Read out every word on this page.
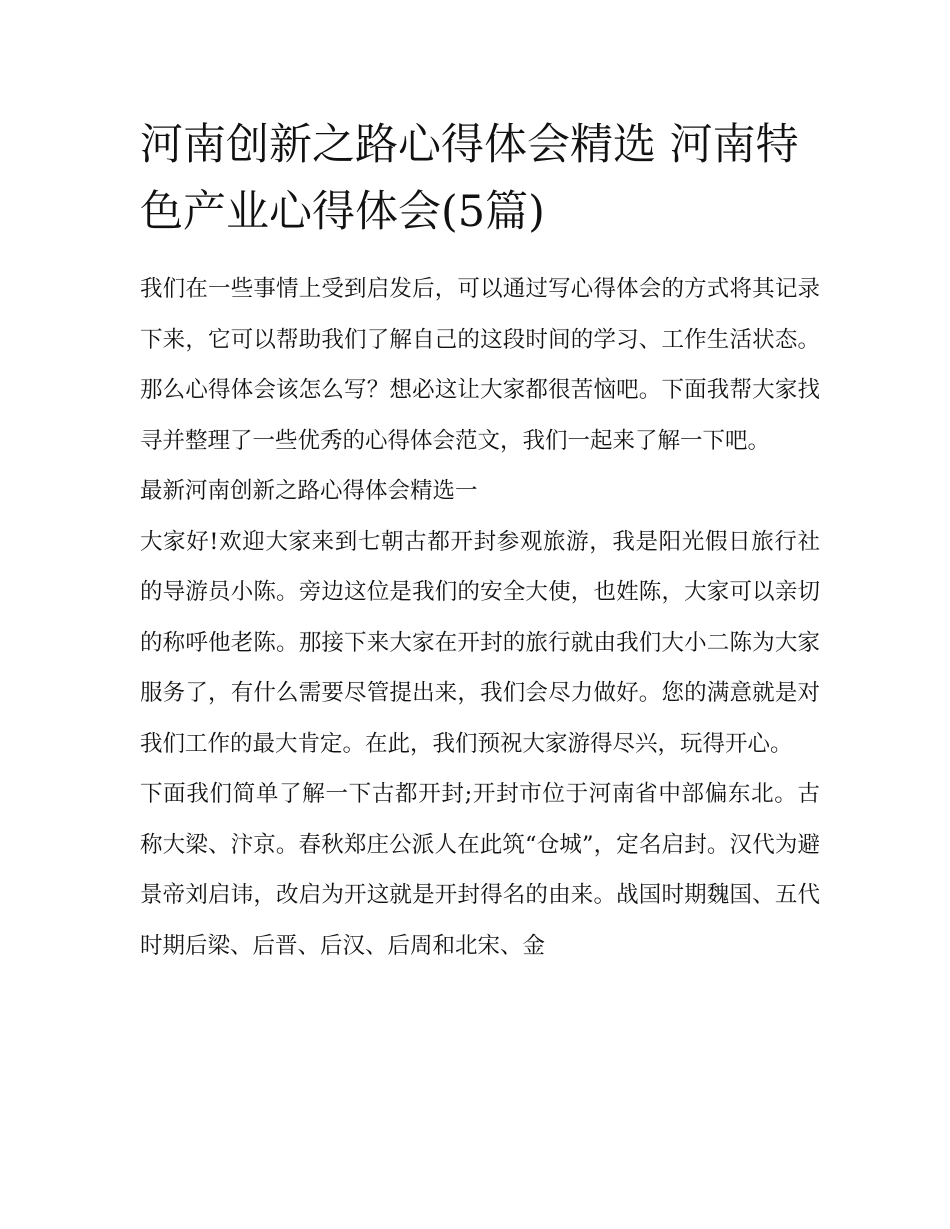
河南创新之路心得体会精选 河南特色产业心得体会(5篇)

我们在一些事情上受到启发后，可以通过写心得体会的方式将其记录下来，它可以帮助我们了解自己的这段时间的学习、工作生活状态。那么心得体会该怎么写？想必这让大家都很苦恼吧。下面我帮大家找寻并整理了一些优秀的心得体会范文，我们一起来了解一下吧。

最新河南创新之路心得体会精选一

大家好!欢迎大家来到七朝古都开封参观旅游，我是阳光假日旅行社的导游员小陈。旁边这位是我们的安全大使，也姓陈，大家可以亲切的称呼他老陈。那接下来大家在开封的旅行就由我们大小二陈为大家服务了，有什么需要尽管提出来，我们会尽力做好。您的满意就是对我们工作的最大肯定。在此，我们预祝大家游得尽兴，玩得开心。

下面我们简单了解一下古都开封;开封市位于河南省中部偏东北。古称大梁、汴京。春秋郑庄公派人在此筑“仓城”，定名启封。汉代为避景帝刘启讳，改启为开这就是开封得名的由来。战国时期魏国、五代时期后梁、后晋、后汉、后周和北宋、金
